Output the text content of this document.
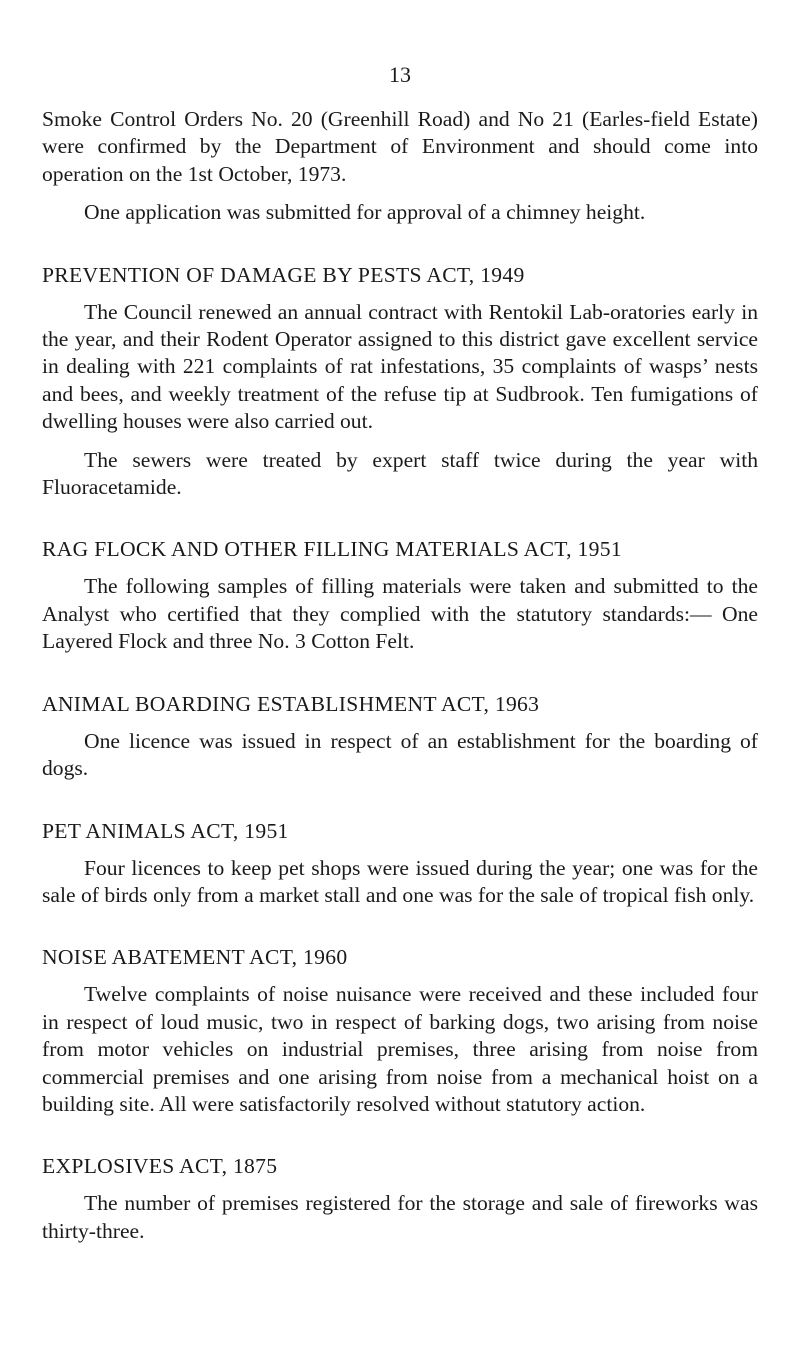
13

Smoke Control Orders No. 20 (Greenhill Road) and No 21 (Earles-field Estate) were confirmed by the Department of Environment and should come into operation on the 1st October, 1973.

One application was submitted for approval of a chimney height.

PREVENTION OF DAMAGE BY PESTS ACT, 1949

The Council renewed an annual contract with Rentokil Lab-oratories early in the year, and their Rodent Operator assigned to this district gave excellent service in dealing with 221 complaints of rat infestations, 35 complaints of wasps’ nests and bees, and weekly treatment of the refuse tip at Sudbrook. Ten fumigations of dwelling houses were also carried out.

The sewers were treated by expert staff twice during the year with Fluoracetamide.

RAG FLOCK AND OTHER FILLING MATERIALS ACT, 1951

The following samples of filling materials were taken and submitted to the Analyst who certified that they complied with the statutory standards:— One Layered Flock and three No. 3 Cotton Felt.

ANIMAL BOARDING ESTABLISHMENT ACT, 1963

One licence was issued in respect of an establishment for the boarding of dogs.

PET ANIMALS ACT, 1951

Four licences to keep pet shops were issued during the year; one was for the sale of birds only from a market stall and one was for the sale of tropical fish only.

NOISE ABATEMENT ACT, 1960

Twelve complaints of noise nuisance were received and these included four in respect of loud music, two in respect of barking dogs, two arising from noise from motor vehicles on industrial premises, three arising from noise from commercial premises and one arising from noise from a mechanical hoist on a building site. All were satisfactorily resolved without statutory action.

EXPLOSIVES ACT, 1875

The number of premises registered for the storage and sale of fireworks was thirty-three.
